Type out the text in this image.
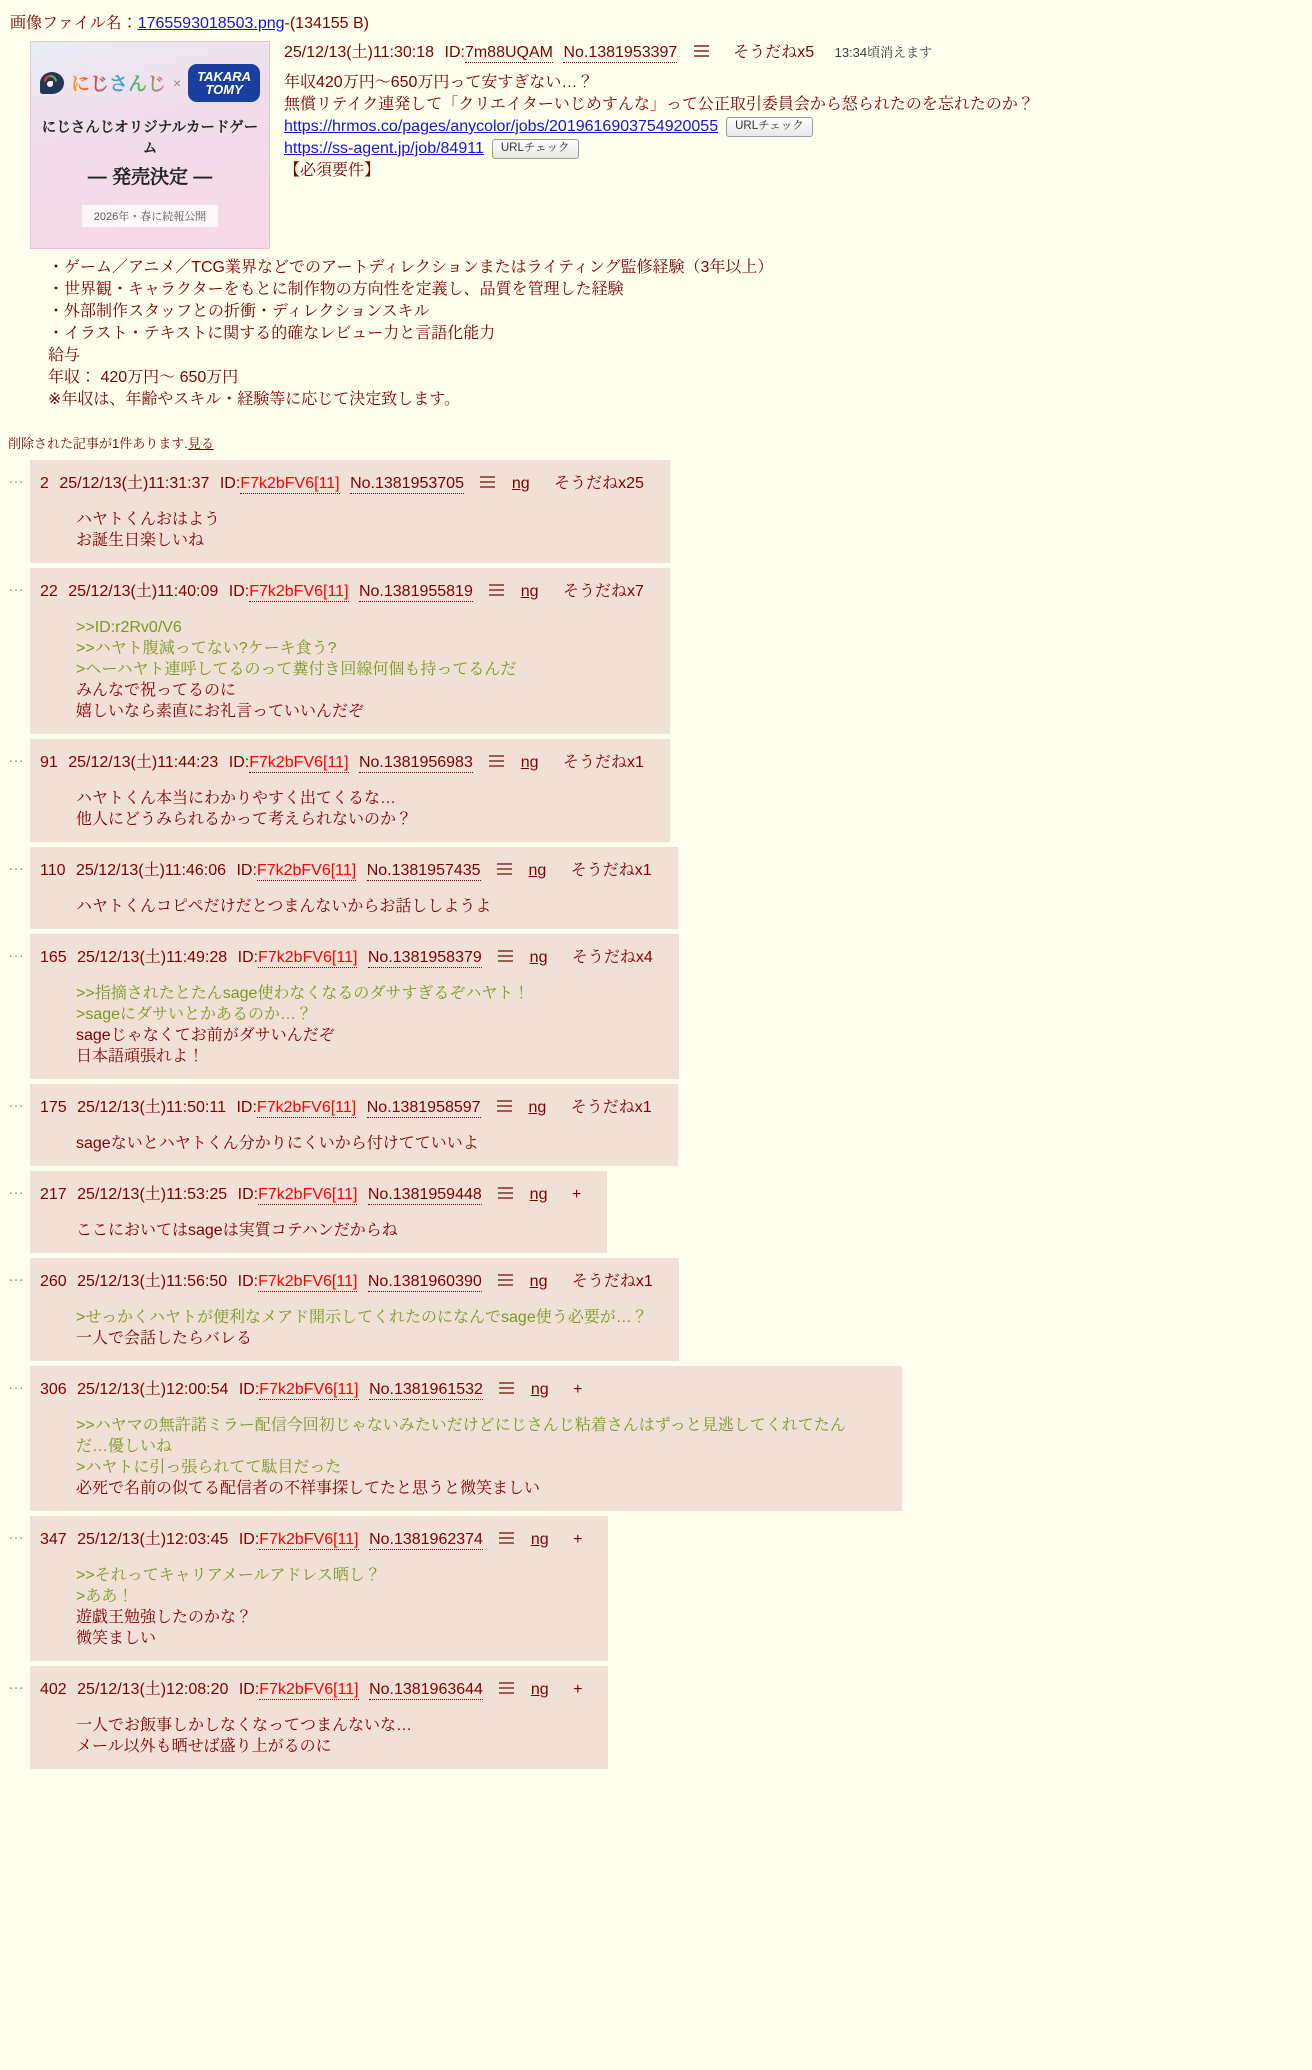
画像ファイル名：1765593018503.png-(134155 B)
にじさんじ × TAKARA
TOMY
にじさんじオリジナルカードゲーム
― 発売決定 ―
2026年・春に続報公開
25/12/13(土)11:30:18 ID:7m88UQAM No.1381953397	そうだねx5 13:34頃消えます
年収420万円～650万円って安すぎない…？
無償リテイク連発して「クリエイターいじめすんな」って公正取引委員会から怒られたのを忘れたのか？
https://hrmos.co/pages/anycolor/jobs/2019616903754920055 URLチェック
https://ss-agent.jp/job/84911 URLチェック
【必須要件】
・ゲーム／アニメ／TCG業界などでのアートディレクションまたはライティング監修経験（3年以上）
・世界観・キャラクターをもとに制作物の方向性を定義し、品質を管理した経験
・外部制作スタッフとの折衝・ディレクションスキル
・イラスト・テキストに関する的確なレビュー力と言語化能力
給与
年収： 420万円～ 650万円
※年収は、年齢やスキル・経験等に応じて決定致します。
削除された記事が1件あります.見る
… 2 25/12/13(土)11:31:37 ID:F7k2bFV6[11] No.1381953705	ng そうだねx25
ハヤトくんおはよう
お誕生日楽しいね
… 22 25/12/13(土)11:40:09 ID:F7k2bFV6[11] No.1381955819	ng そうだねx7
>>ID:r2Rv0/V6
>>ハヤト腹減ってない?ケーキ食う?
>ヘーハヤト連呼してるのって糞付き回線何個も持ってるんだ
みんなで祝ってるのに
嬉しいなら素直にお礼言っていいんだぞ
… 91 25/12/13(土)11:44:23 ID:F7k2bFV6[11] No.1381956983	ng そうだねx1
ハヤトくん本当にわかりやすく出てくるな…
他人にどうみられるかって考えられないのか？
… 110 25/12/13(土)11:46:06 ID:F7k2bFV6[11] No.1381957435	ng そうだねx1
ハヤトくんコピペだけだとつまんないからお話ししようよ
… 165 25/12/13(土)11:49:28 ID:F7k2bFV6[11] No.1381958379	ng そうだねx4
>>指摘されたとたんsage使わなくなるのダサすぎるぞハヤト！
>sageにダサいとかあるのか…？
sageじゃなくてお前がダサいんだぞ
日本語頑張れよ！
… 175 25/12/13(土)11:50:11 ID:F7k2bFV6[11] No.1381958597	ng そうだねx1
sageないとハヤトくん分かりにくいから付けてていいよ
… 217 25/12/13(土)11:53:25 ID:F7k2bFV6[11] No.1381959448	ng +
ここにおいてはsageは実質コテハンだからね
… 260 25/12/13(土)11:56:50 ID:F7k2bFV6[11] No.1381960390	ng そうだねx1
>せっかくハヤトが便利なメアド開示してくれたのになんでsage使う必要が…？
一人で会話したらバレる
… 306 25/12/13(土)12:00:54 ID:F7k2bFV6[11] No.1381961532	ng +
>>ハヤマの無許諾ミラー配信今回初じゃないみたいだけどにじさんじ粘着さんはずっと見逃してくれてたんだ…優しいね
>ハヤトに引っ張られてて駄目だった
必死で名前の似てる配信者の不祥事探してたと思うと微笑ましい
… 347 25/12/13(土)12:03:45 ID:F7k2bFV6[11] No.1381962374	ng +
>>それってキャリアメールアドレス晒し？
>ああ！
遊戯王勉強したのかな？
微笑ましい
… 402 25/12/13(土)12:08:20 ID:F7k2bFV6[11] No.1381963644	ng +
一人でお飯事しかしなくなってつまんないな…
メール以外も晒せば盛り上がるのに
